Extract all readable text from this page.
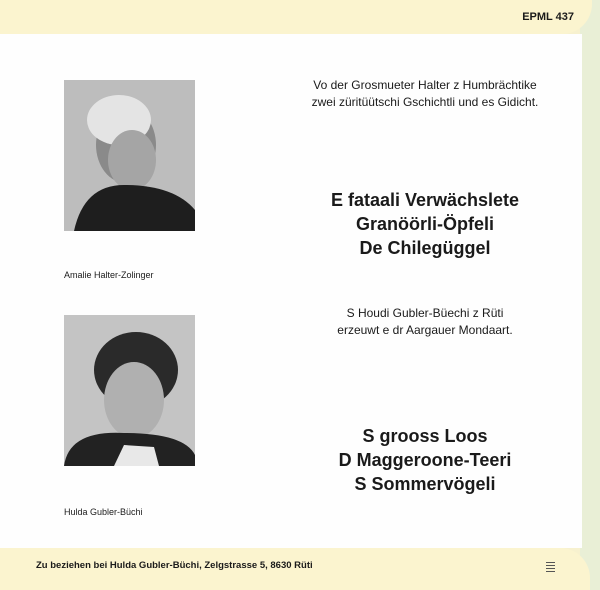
EPML 437
Amalie Halter-Zolinger
Hulda Gubler-Büchi
Vo der Grosmueter Halter z Humbrächtike
zwei züritüütschi Gschichtli und es Gidicht.
E fataali Verwächslete
Granöörli-Öpfeli
De Chilegüggel
S Houdi Gubler-Büechi z Rüti
erzeuwt e dr Aargauer Mondaart.
S grooss Loos
D Maggeroone-Teeri
S Sommervögeli
Zu beziehen bei Hulda Gubler-Büchi, Zelgstrasse 5, 8630 Rüti
